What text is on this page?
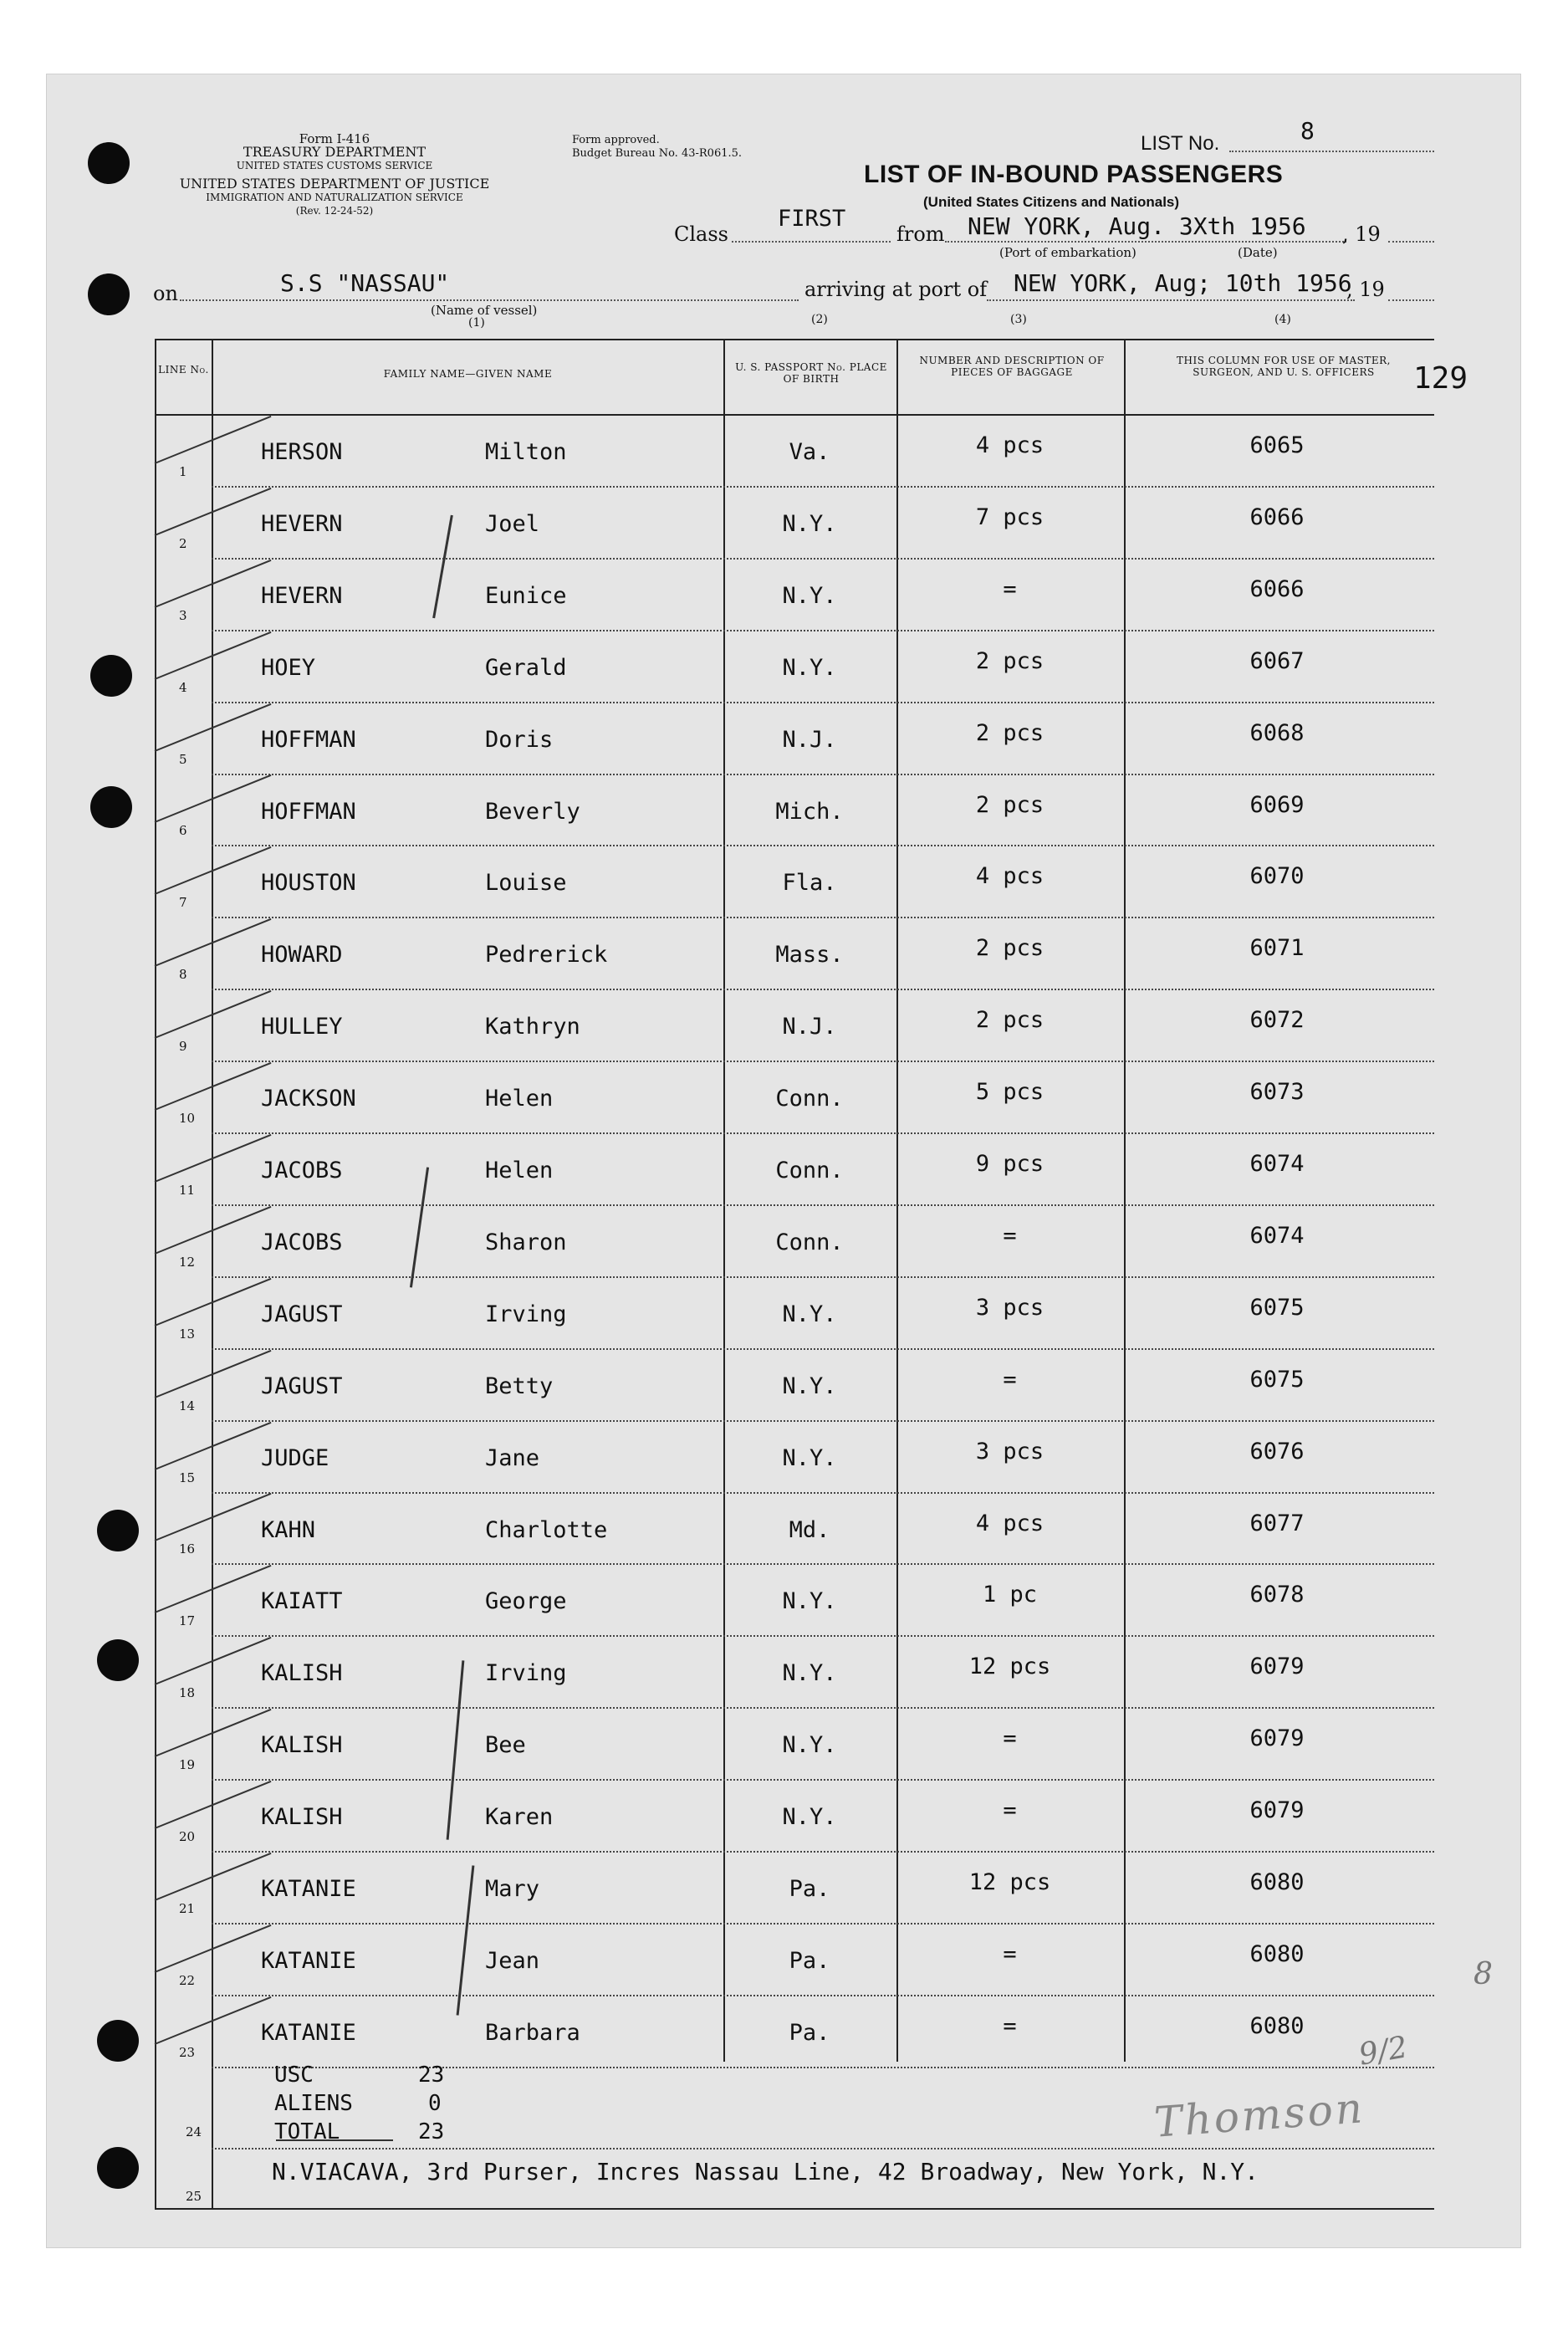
Form I-416
TREASURY DEPARTMENT
UNITED STATES CUSTOMS SERVICE
UNITED STATES DEPARTMENT OF JUSTICE
IMMIGRATION AND NATURALIZATION SERVICE
(Rev. 12-24-52)
Form approved.
Budget Bureau No. 43-R061.5.	LIST No.	8
LIST OF IN-BOUND PASSENGERS
(United States Citizens and Nationals)
Class
FIRST
from NEW YORK, Aug. 3Xth 1956 , 19
(Port of embarkation)	(Date)
on	S.S "NASSAU"
(Name of vessel)
(1)
arriving at port of NEW YORK, Aug; 10th 1956
, 19
(2)	(3)	(4)
LINE No.	FAMILY NAME—GIVEN NAME
U. S. PASSPORT No. PLACE OF BIRTH
NUMBER AND DESCRIPTION OF PIECES OF BAGGAGE
THIS COLUMN FOR USE OF MASTER, SURGEON, AND U. S. OFFICERS	129
1
HERSON	Milton	Va.	4 pcs	6065
2
HEVERN	Joel	N.Y.	7 pcs	6066
3
HEVERN	Eunice	N.Y.	=	6066
4
HOEY	Gerald	N.Y.	2 pcs	6067
5
HOFFMAN	Doris	N.J.	2 pcs	6068
6
HOFFMAN	Beverly	Mich.	2 pcs	6069
7
HOUSTON	Louise	Fla.	4 pcs	6070
8
HOWARD	Pedrerick	Mass.	2 pcs	6071
9
HULLEY	Kathryn	N.J.	2 pcs	6072
10
JACKSON	Helen	Conn.	5 pcs	6073
11
JACOBS	Helen	Conn.	9 pcs	6074
12
JACOBS	Sharon	Conn.	=	6074
13
JAGUST	Irving	N.Y.	3 pcs	6075
14
JAGUST	Betty	N.Y.	=	6075
15
JUDGE	Jane	N.Y.	3 pcs	6076
16
KAHN	Charlotte	Md.	4 pcs	6077
17
KAIATT	George	N.Y.	1 pc	6078
18
KALISH	Irving	N.Y.	12 pcs	6079
19
KALISH	Bee	N.Y.	=	6079
20
KALISH	Karen	N.Y.	=	6079
21
KATANIE	Mary	Pa.	12 pcs	6080
22
KATANIE	Jean	Pa.	=	6080
23
KATANIE	Barbara	Pa.	=	6080
USC	23
ALIENS	0
TOTAL	23
24
25
N.VIACAVA, 3rd Purser, Incres Nassau Line, 42 Broadway, New York, N.Y.
8
Thomson
9/2
